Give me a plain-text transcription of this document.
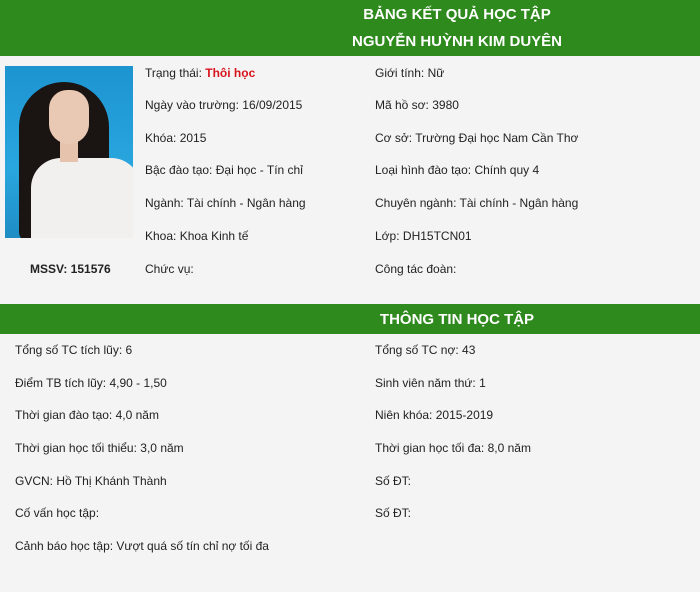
BẢNG KẾT QUẢ HỌC TẬP
NGUYỄN HUỲNH KIM DUYÊN
MSSV: 151576
Trạng thái: Thôi học
Ngày vào trường: 16/09/2015
Khóa: 2015
Bậc đào tạo: Đại học - Tín chỉ
Ngành: Tài chính - Ngân hàng
Khoa: Khoa Kinh tế
Chức vụ:
Giới tính: Nữ
Mã hồ sơ: 3980
Cơ sở: Trường Đại học Nam Cần Thơ
Loại hình đào tạo: Chính quy 4
Chuyên ngành: Tài chính - Ngân hàng
Lớp: DH15TCN01
Công tác đoàn:
THÔNG TIN HỌC TẬP
Tổng số TC tích lũy: 6
Điểm TB tích lũy: 4,90 - 1,50
Thời gian đào tạo: 4,0 năm
Thời gian học tối thiểu: 3,0 năm
GVCN: Hồ Thị Khánh Thành
Cố vấn học tập:
Cảnh báo học tập: Vượt quá số tín chỉ nợ tối đa
Tổng số TC nợ: 43
Sinh viên năm thứ: 1
Niên khóa: 2015-2019
Thời gian học tối đa: 8,0 năm
Số ĐT:
Số ĐT:
